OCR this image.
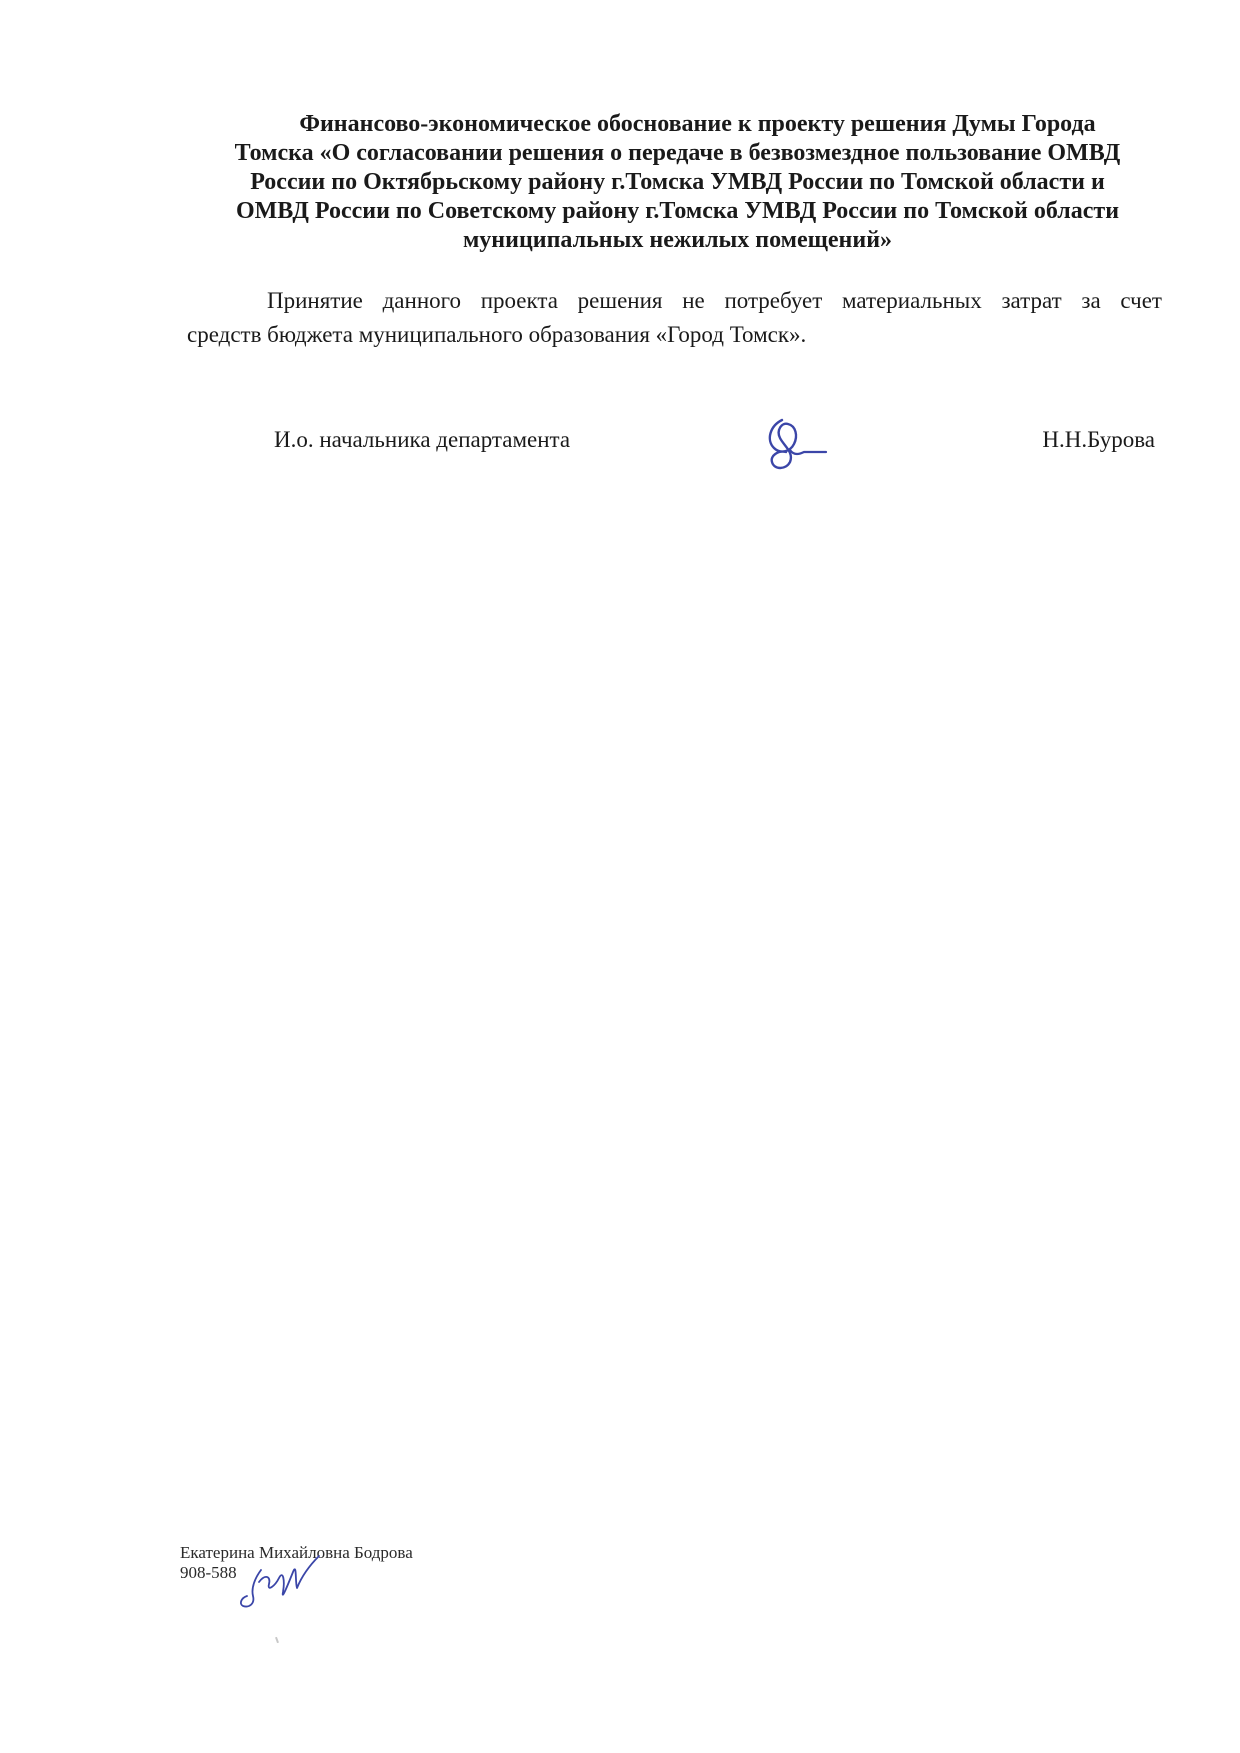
Финансово-экономическое обоснование к проекту решения Думы Города
Томска «О согласовании решения о передаче в безвозмездное пользование ОМВД
России по Октябрьскому району г.Томска УМВД России по Томской области и
ОМВД России по Советскому району г.Томска УМВД России по Томской области
муниципальных нежилых помещений»

Принятие данного проекта решения не потребует материальных затрат за счет
средств бюджета муниципального образования «Город Томск».

И.о. начальника департамента	Н.Н.Бурова
Екатерина Михайловна Бодрова
908-588
